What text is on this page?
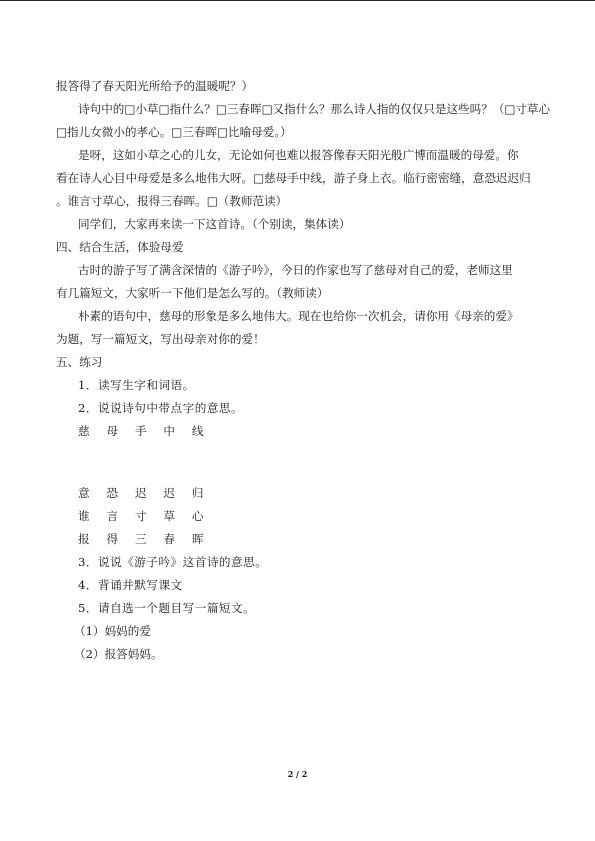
报答得了春天阳光所给予的温暖呢？）
诗句中的□小草□指什么？□三春晖□又指什么？那么诗人指的仅仅只是这些吗？（□寸草心
□指儿女微小的孝心。□三春晖□比喻母爱。）
是呀，这如小草之心的儿女，无论如何也难以报答像春天阳光般广博而温暖的母爱。你
看在诗人心目中母爱是多么地伟大呀。□慈母手中线，游子身上衣。临行密密缝，意恐迟迟归
。谁言寸草心，报得三春晖。□（教师范读）
同学们，大家再来读一下这首诗。（个别读，集体读）
四、结合生活，体验母爱
古时的游子写了满含深情的《游子吟》，今日的作家也写了慈母对自己的爱，老师这里
有几篇短文，大家听一下他们是怎么写的。（教师读）
朴素的语句中，慈母的形象是多么地伟大。现在也给你一次机会，请你用《母亲的爱》
为题，写一篇短文，写出母亲对你的爱！
五、练习
1．读写生字和词语。
2．说说诗句中带点字的意思。
慈 母 手 中 线
意 恐 迟 迟 归
谁 言 寸 草 心
报 得 三 春 晖
3．说说《游子吟》这首诗的意思。
4．背诵并默写课文
5．请自选一个题目写一篇短文。
（1）妈妈的爱
（2）报答妈妈。
2 / 2
